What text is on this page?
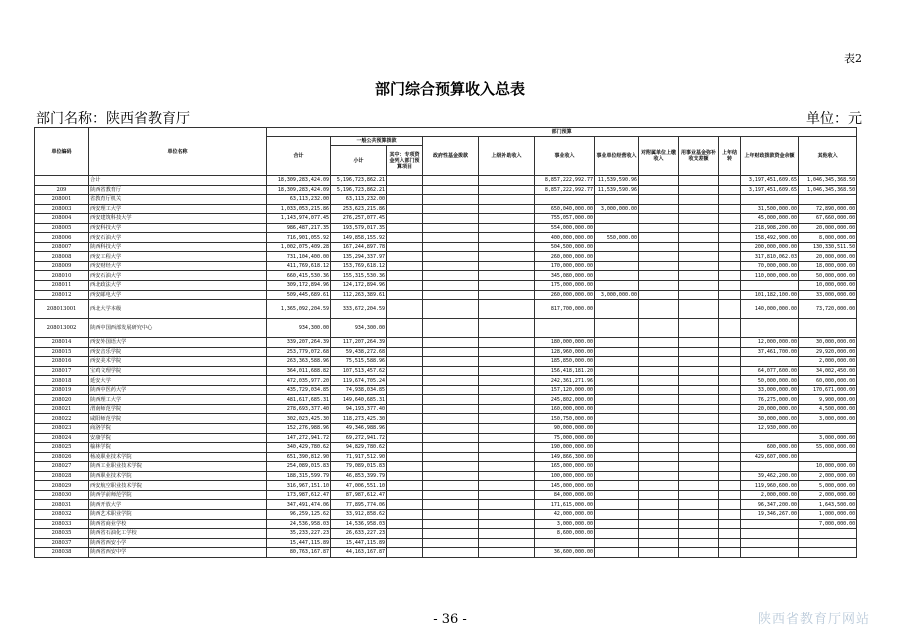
表2
部门综合预算收入总表
部门名称：陕西省教育厅	单位：元
单位编码	单位名称	部门预算											
		合计	一般公共预算拨款		政府性基金拨款	上级补助收入	事业收入	事业单位经营收入	对附属单位上缴收入	用事业基金弥补收支差额	上年结转	上年财政拨款资金余额	其他收入
			小计	其中：专项资金列入部门预算项目									
	合计	18,309,283,424.09	5,196,723,862.21				8,857,222,992.77	11,539,590.96				3,197,451,609.65	1,046,345,368.50
209	陕西省教育厅	18,309,283,424.09	5,196,723,862.21				8,857,222,992.77	11,539,590.96				3,197,451,609.65	1,046,345,368.50
208001	省教育厅机关	63,113,232.00	63,113,232.00										
208003	西安理工大学	1,033,053,215.86	253,623,215.86				650,040,000.00	3,000,000.00				31,500,000.00	72,890,000.00
208004	西安建筑科技大学	1,143,974,077.45	276,257,077.45				755,057,000.00					45,000,000.00	67,660,000.00
208005	西安科技大学	986,487,217.35	193,579,017.35				554,000,000.00					218,908,200.00	20,000,000.00
208006	西安石油大学	716,901,055.92	149,858,155.92				400,000,000.00	550,000.00				158,492,900.00	8,000,000.00
208007	陕西科技大学	1,002,075,409.28	167,244,897.78				504,500,000.00					200,000,000.00	130,330,511.50
208008	西安工程大学	731,104,400.00	135,294,337.97				260,000,000.00					317,810,062.03	20,000,000.00
208009	西安财经大学	411,769,618.12	153,769,618.12				170,000,000.00					70,000,000.00	18,000,000.00
208010	西安石油大学	660,415,530.36	155,315,530.36				345,080,000.00					110,000,000.00	50,000,000.00
208011	西北政法大学	309,172,894.96	124,172,894.96				175,000,000.00						10,000,000.00
208012	西安邮电大学	509,445,689.61	112,263,389.61				260,000,000.00	3,000,000.00				101,182,100.00	33,000,000.00
208013001	西北大学本级	1,365,092,204.59	333,672,204.59				817,700,000.00					140,000,000.00	73,720,000.00
208013002	陕西中国西部发展研究中心	934,300.00	934,300.00										
208014	西安外国语大学	339,207,264.39	117,207,264.39				180,000,000.00					12,000,000.00	30,000,000.00
208015	西安音乐学院	253,779,072.68	59,438,272.68				128,960,000.00					37,461,700.00	29,920,000.00
208016	西安美术学院	263,363,588.96	75,515,588.96				185,850,000.00						2,000,000.00
208017	宝鸡文理学院	364,011,688.82	107,513,457.62				156,418,181.20					64,077,600.00	34,002,450.00
208018	延安大学	472,035,977.20	119,674,705.24				242,361,271.96					50,000,000.00	60,000,000.00
208019	陕西中医药大学	435,729,034.85	74,938,034.85				157,120,000.00					33,000,000.00	170,671,000.00
208020	陕西理工大学	481,617,685.31	149,640,685.31				245,802,000.00					76,275,000.00	9,900,000.00
208021	渭南师范学院	278,693,377.40	94,193,377.40				160,000,000.00					20,000,000.00	4,500,000.00
208022	咸阳师范学院	302,023,425.30	118,273,425.30				150,750,000.00					30,000,000.00	3,000,000.00
208023	商洛学院	152,276,988.96	49,346,988.96				90,000,000.00					12,930,000.00	
208024	安康学院	147,272,941.72	69,272,941.72				75,000,000.00						3,000,000.00
208025	榆林学院	340,429,780.62	94,829,780.62				190,000,000.00					600,000.00	55,000,000.00
208026	杨凌职业技术学院	651,390,812.90	71,917,512.90				149,866,300.00					429,607,000.00	
208027	陕西工业职业技术学院	254,089,015.83	79,089,015.83				165,000,000.00						10,000,000.00
208028	陕西职业技术学院	188,315,599.79	46,853,399.79				100,000,000.00					39,462,200.00	2,000,000.00
208029	西安航空职业技术学院	316,967,151.10	47,006,551.10				145,000,000.00					119,960,600.00	5,000,000.00
208030	陕西学前师范学院	173,987,612.47	87,987,612.47				84,000,000.00					2,000,000.00	2,000,000.00
208031	陕西开放大学	347,491,474.06	77,895,774.06				171,615,000.00					96,347,200.00	1,643,500.00
208032	陕西艺术职业学院	96,259,125.62	33,912,858.62				42,000,000.00					19,346,267.00	1,000,000.00
208033	陕西省商业学校	24,536,958.03	14,536,958.03				3,000,000.00						7,000,000.00
208035	陕西省石油化工学校	35,233,227.23	26,633,227.23				8,600,000.00						
208037	陕西省西安小学	15,447,115.89	15,447,115.89										
208038	陕西省西安中学	80,763,167.87	44,163,167.87				36,600,000.00						
- 36 -	陕西省教育厅网站
